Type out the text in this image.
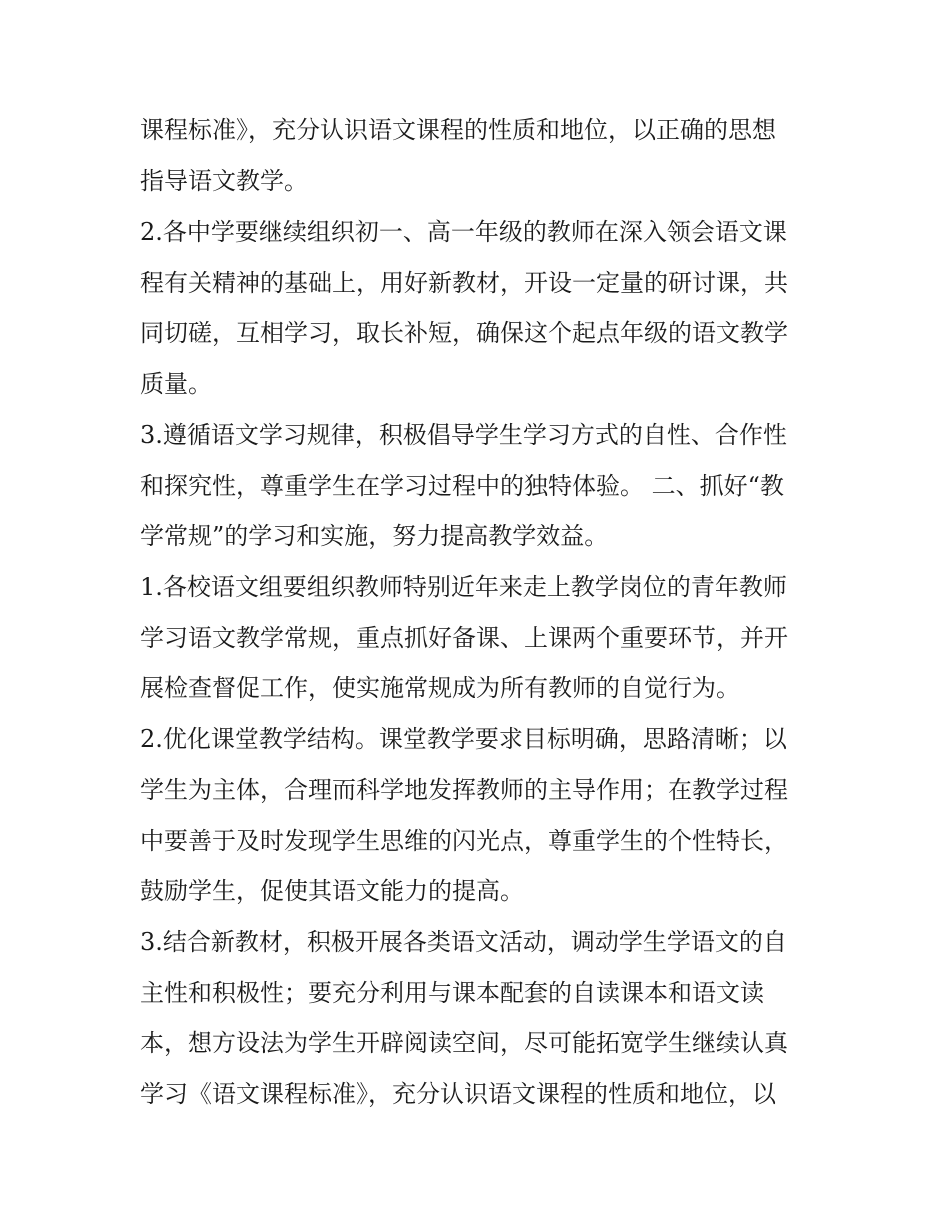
课程标准》，充分认识语文课程的性质和地位，以正确的思想
指导语文教学。
2.各中学要继续组织初一、高一年级的教师在深入领会语文课
程有关精神的基础上，用好新教材，开设一定量的研讨课，共
同切磋，互相学习，取长补短，确保这个起点年级的语文教学
质量。
3.遵循语文学习规律，积极倡导学生学习方式的自性、合作性
和探究性，尊重学生在学习过程中的独特体验。 二、抓好“教
学常规”的学习和实施，努力提高教学效益。
1.各校语文组要组织教师特别近年来走上教学岗位的青年教师
学习语文教学常规，重点抓好备课、上课两个重要环节，并开
展检查督促工作，使实施常规成为所有教师的自觉行为。
2.优化课堂教学结构。课堂教学要求目标明确，思路清晰；以
学生为主体，合理而科学地发挥教师的主导作用；在教学过程
中要善于及时发现学生思维的闪光点，尊重学生的个性特长，
鼓励学生，促使其语文能力的提高。
3.结合新教材，积极开展各类语文活动，调动学生学语文的自
主性和积极性；要充分利用与课本配套的自读课本和语文读
本，想方设法为学生开辟阅读空间，尽可能拓宽学生继续认真
学习《语文课程标准》，充分认识语文课程的性质和地位，以
